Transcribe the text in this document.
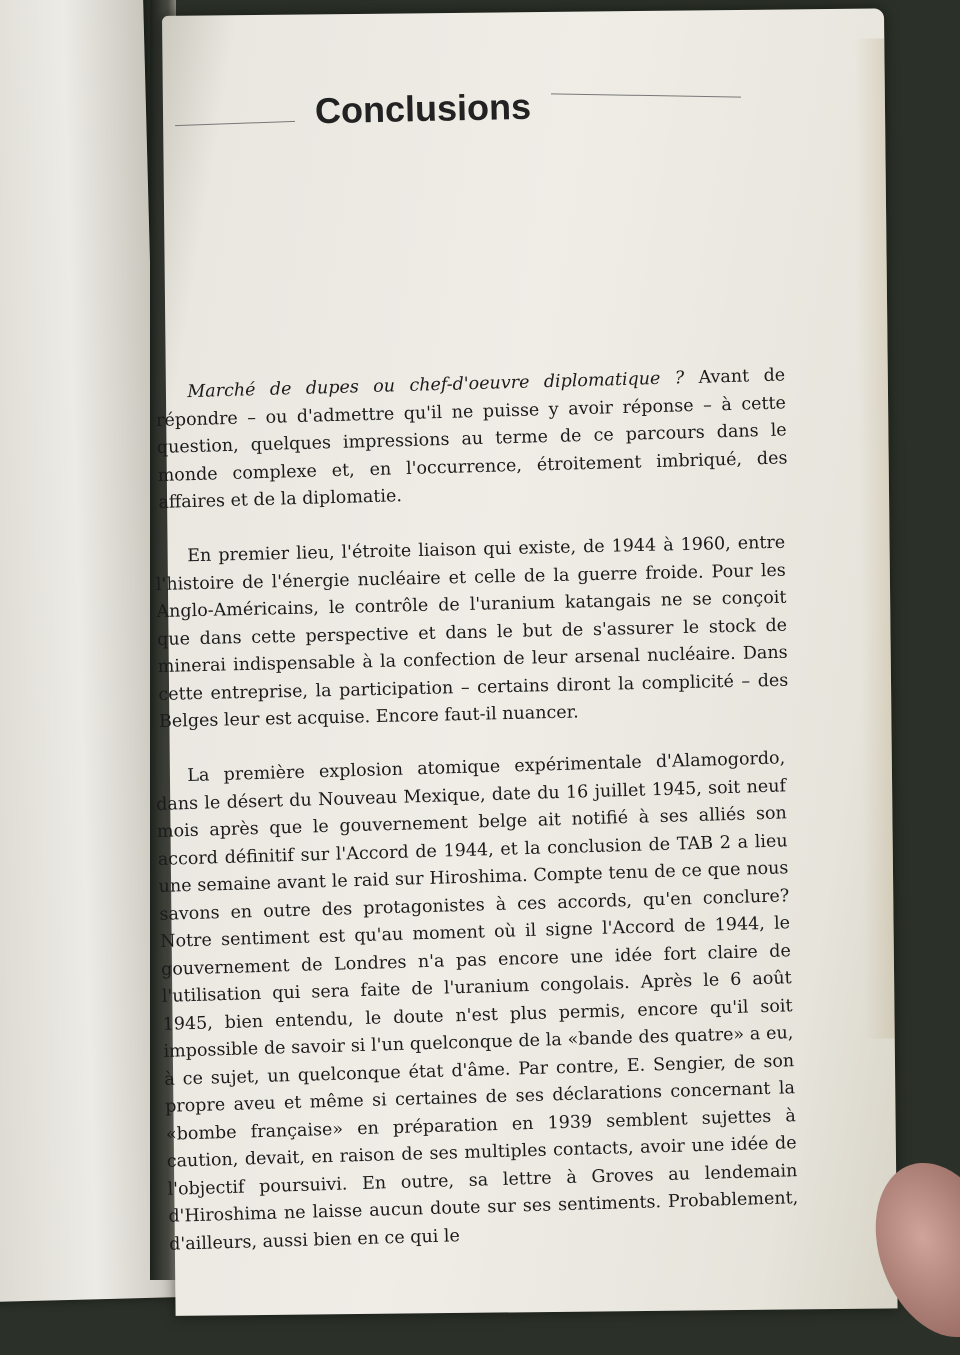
Conclusions

Marché de dupes ou chef-d'oeuvre diplomatique ? Avant de répondre – ou d'admettre qu'il ne puisse y avoir réponse – à cette question, quelques impressions au terme de ce parcours dans le monde complexe et, en l'occurrence, étroitement imbriqué, des affaires et de la diplomatie.

En premier lieu, l'étroite liaison qui existe, de 1944 à 1960, entre l'histoire de l'énergie nucléaire et celle de la guerre froide. Pour les Anglo-Américains, le contrôle de l'uranium katangais ne se conçoit que dans cette perspective et dans le but de s'assurer le stock de minerai indispensable à la confection de leur arsenal nucléaire. Dans cette entreprise, la participation – certains diront la complicité – des Belges leur est acquise. Encore faut-il nuancer.

La première explosion atomique expérimentale d'Alamogordo, dans le désert du Nouveau Mexique, date du 16 juillet 1945, soit neuf mois après que le gouvernement belge ait notifié à ses alliés son accord définitif sur l'Accord de 1944, et la conclusion de TAB 2 a lieu une semaine avant le raid sur Hiroshima. Compte tenu de ce que nous savons en outre des protagonistes à ces accords, qu'en conclure? Notre sentiment est qu'au moment où il signe l'Accord de 1944, le gouvernement de Londres n'a pas encore une idée fort claire de l'utilisation qui sera faite de l'uranium congolais. Après le 6 août 1945, bien entendu, le doute n'est plus permis, encore qu'il soit impossible de savoir si l'un quelconque de la «bande des quatre» a eu, à ce sujet, un quelconque état d'âme. Par contre, E. Sengier, de son propre aveu et même si certaines de ses déclarations concernant la «bombe française» en préparation en 1939 semblent sujettes à caution, devait, en raison de ses multiples contacts, avoir une idée de l'objectif poursuivi. En outre, sa lettre à Groves au lendemain d'Hiroshima ne laisse aucun doute sur ses sentiments. Probablement, d'ailleurs, aussi bien en ce qui le
